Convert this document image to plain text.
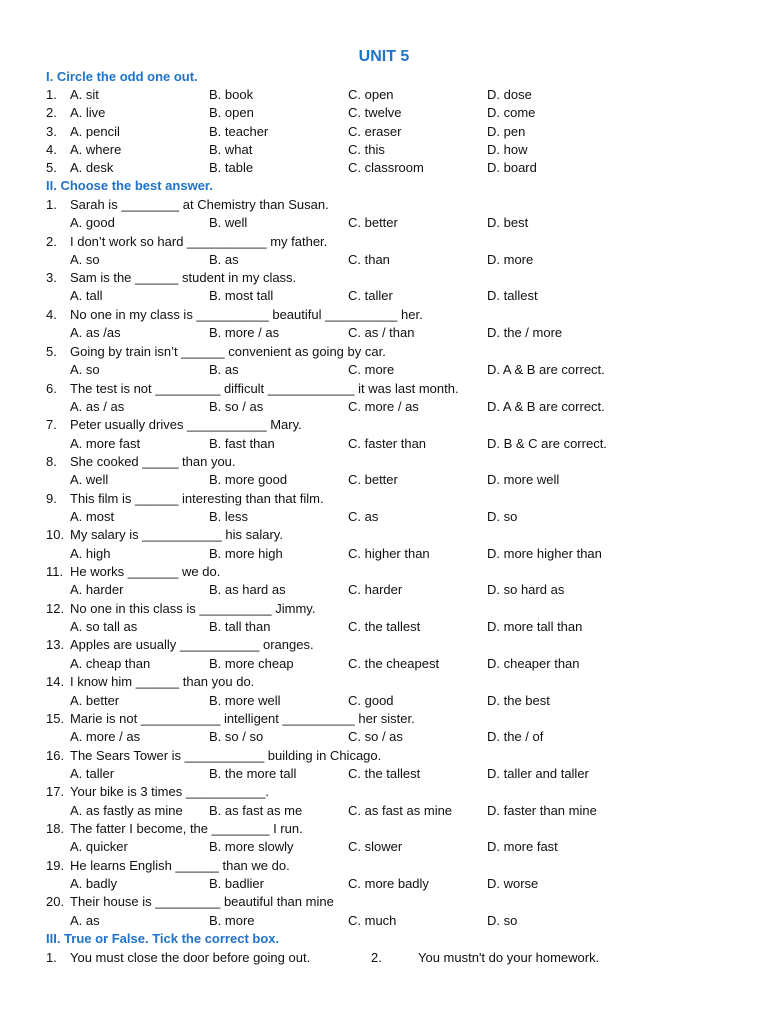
UNIT 5
I. Circle the odd one out.
1. A. sit	B. book	C. open	D. dose
2. A. live	B. open	C. twelve	D. come
3. A. pencil	B. teacher	C. eraser	D. pen
4. A. where	B. what	C. this	D. how
5. A. desk	B. table	C. classroom	D. board
II. Choose the best answer.
1. Sarah is ________ at Chemistry than Susan.
A. good	B. well	C. better	D. best
2. I don’t work so hard ___________ my father.
A. so	B. as	C. than	D. more
3. Sam is the ______ student in my class.
A. tall	B. most tall	C. taller	D. tallest
4. No one in my class is __________ beautiful __________ her.
A. as /as	B. more / as	C. as / than	D. the / more
5. Going by train isn’t ______ convenient as going by car.
A. so	B. as	C. more	D. A & B are correct.
6. The test is not _________ difficult ____________ it was last month.
A. as / as	B. so / as	C. more / as	D. A & B are correct.
7. Peter usually drives ___________ Mary.
A. more fast	B. fast than	C. faster than	D. B & C are correct.
8. She cooked _____ than you.
A. well	B. more good	C. better	D. more well
9. This film is ______ interesting than that film.
A. most	B. less	C. as	D. so
10. My salary is ___________ his salary.
A. high	B. more high	C. higher than	D. more higher than
11. He works _______ we do.
A. harder	B. as hard as	C. harder	D. so hard as
12. No one in this class is __________ Jimmy.
A. so tall as	B. tall than	C. the tallest	D. more tall than
13. Apples are usually ___________ oranges.
A. cheap than	B. more cheap	C. the cheapest	D. cheaper than
14. I know him ______ than you do.
A. better	B. more well	C. good	D. the best
15. Marie is not ___________ intelligent __________ her sister.
A. more / as	B. so / so	C. so / as	D. the / of
16. The Sears Tower is ___________ building in Chicago.
A. taller	B. the more tall	C. the tallest	D. taller and taller
17. Your bike is 3 times ___________.
A. as fastly as mine B. as fast as me	C. as fast as mine	D. faster than mine
18. The fatter I become, the ________ I run.
A. quicker	B. more slowly	C. slower	D. more fast
19. He learns English ______ than we do.
A. badly	B. badlier	C. more badly	D. worse
20. Their house is _________ beautiful than mine
A. as	B. more	C. much	D. so
III. True or False. Tick the correct box.
1. You must close the door before going out.	2.	You mustn't do your homework.
